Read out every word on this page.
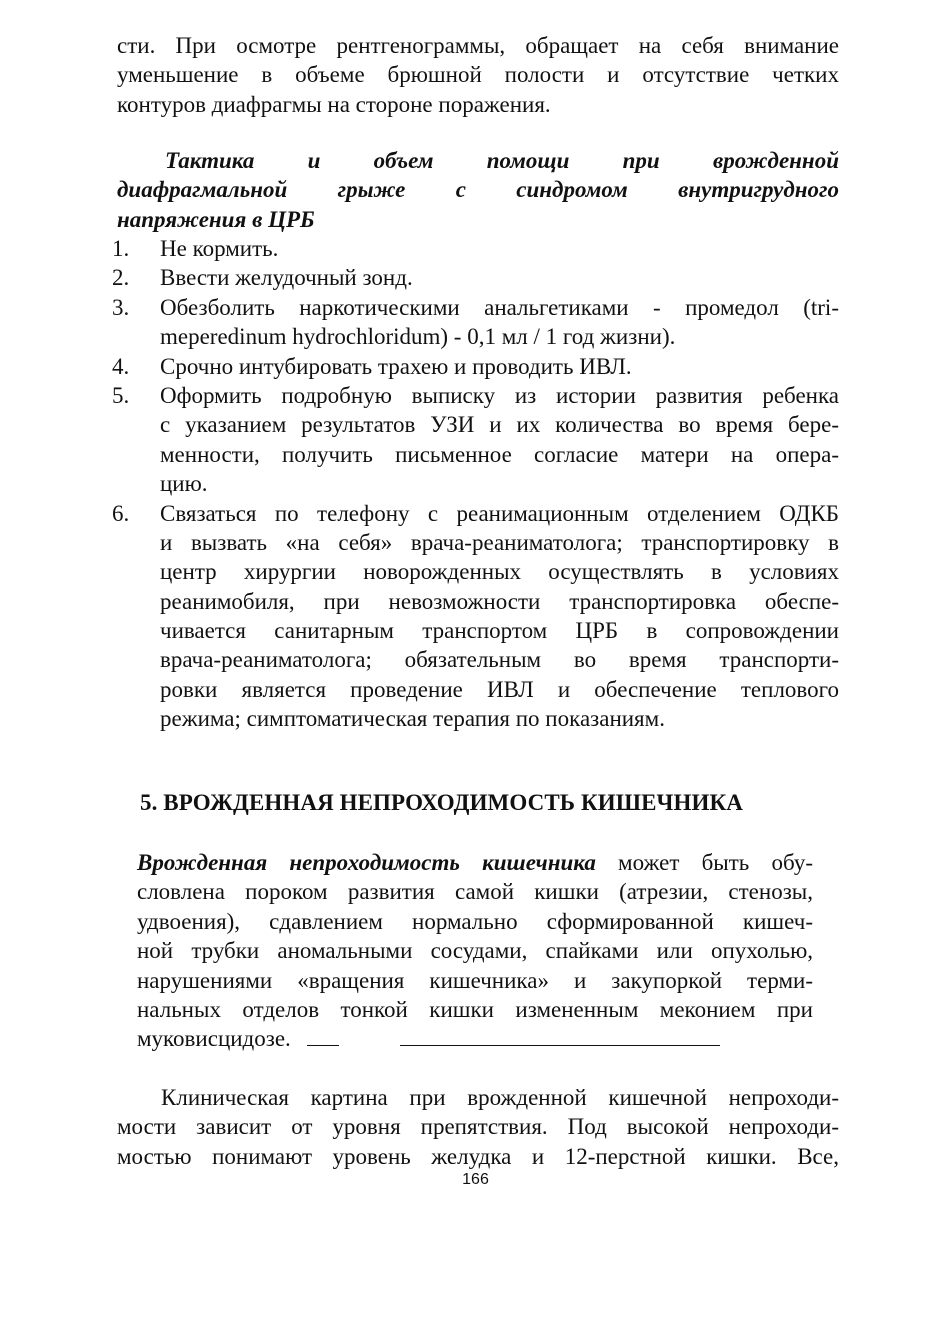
сти. При осмотре рентгенограммы, обращает на себя внимание
уменьшение в объеме брюшной полости и отсутствие четких
контуров диафрагмы на стороне поражения.
Тактика и объем помощи при врожденной
диафрагмальной грыже с синдромом внутригрудного
напряжения в ЦРБ
1.	Не кормить.
2.	Ввести желудочный зонд.
3.	Обезболить наркотическими анальгетиками - промедол (tri-
meperedinum hydrochloridum) - 0,1 мл / 1 год жизни).
4.	Срочно интубировать трахею и проводить ИВЛ.
5.	Оформить подробную выписку из истории развития ребенка
с указанием результатов УЗИ и их количества во время бере-
менности, получить письменное согласие матери на опера-
цию.
6.	Связаться по телефону с реанимационным отделением ОДКБ
и вызвать «на себя» врача-реаниматолога; транспортировку в
центр хирургии новорожденных осуществлять в условиях
реанимобиля, при невозможности транспортировка обеспе-
чивается санитарным транспортом ЦРБ в сопровождении
врача-реаниматолога; обязательным во время транспорти-
ровки является проведение ИВЛ и обеспечение теплового
режима; симптоматическая терапия по показаниям.
5. ВРОЖДЕННАЯ НЕПРОХОДИМОСТЬ КИШЕЧНИКА
Врожденная непроходимость кишечника может быть обу-
словлена пороком развития самой кишки (атрезии, стенозы,
удвоения), сдавлением нормально сформированной кишеч-
ной трубки аномальными сосудами, спайками или опухолью,
нарушениями «вращения кишечника» и закупоркой терми-
нальных отделов тонкой кишки измененным меконием при
муковисцидозе.
Клиническая картина при врожденной кишечной непроходи-
мости зависит от уровня препятствия. Под высокой непроходи-
мостью понимают уровень желудка и 12-перстной кишки. Все,
166
